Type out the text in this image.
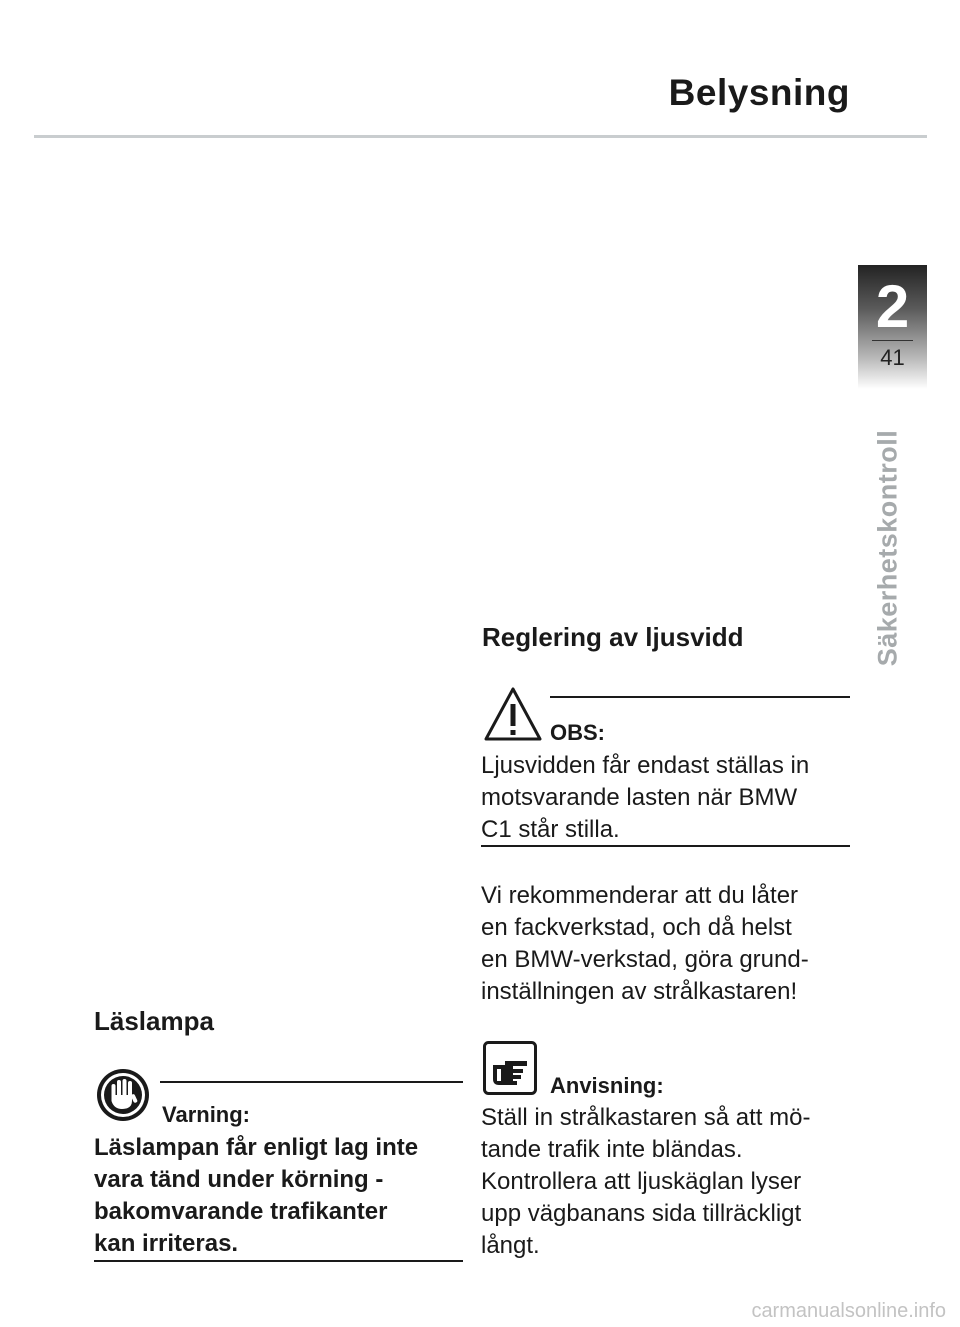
Belysning
2
41
Säkerhetskontroll
Läslampa
Varning:

Läslampan får enligt lag inte
vara tänd under körning -
bakomvarande trafikanter
kan irriteras.

Reglering av ljusvidd
OBS:

Ljusvidden får endast ställas in
motsvarande lasten när BMW
C1 står stilla.

Vi rekommenderar att du låter
en fackverkstad, och då helst
en BMW-verkstad, göra grund-
inställningen av strålkastaren!

Anvisning:

Ställ in strålkastaren så att mö-
tande trafik inte bländas.
Kontrollera att ljuskäglan lyser
upp vägbanans sida tillräckligt
långt.

carmanualsonline.info
